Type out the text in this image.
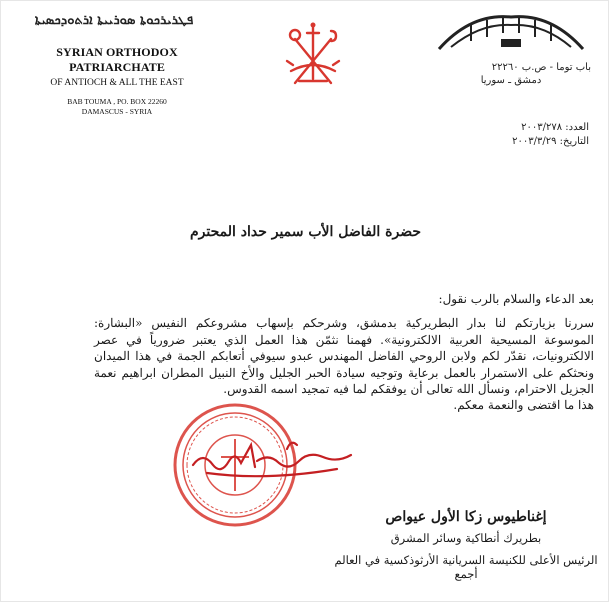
ܦܛܪܝܪܟܘܬܐ ܣܘܪܝܝܬܐ ܐܪܬܘܕܟܣܝܬܐ
SYRIAN ORTHODOX PATRIARCHATE
OF ANTIOCH & ALL THE EAST
BAB TOUMA , PO. BOX 22260
DAMASCUS - SYRIA
باب توما - ص.ب ٢٢٢٦٠
دمشق ـ سوريا
العدد: ٢٠٠٣/٢٧٨
التاريخ: ٢٠٠٣/٣/٢٩
حضرة الفاضل الأب سمير حداد المحترم

بعد الدعاء والسلام بالرب نقول:

سررنا بزيارتكم لنا بدار البطريركية بدمشق، وشرحكم بإسهاب مشروعكم النفيس «البشارة: الموسوعة المسيحية العربية الالكترونية». فهمنا نثمّن هذا العمل الذي يعتبر ضرورياً في عصر الالكترونيات، نقدّر لكم ولابن الروحي الفاضل المهندس عبدو سيوفي أتعابكم الجمة في هذا الميدان ونحثكم على الاستمرار بالعمل برعاية وتوجيه سيادة الحبر الجليل والأخ النبيل المطران ابراهيم نعمة الجزيل الاحترام، ونسأل الله تعالى أن يوفقكم لما فيه تمجيد اسمه القدوس.

هذا ما اقتضى والنعمة معكم.

إغناطيوس زكا الأول عيواص
بطريرك أنطاكية وسائر المشرق
الرئيس الأعلى للكنيسة السريانية الأرثوذكسية في العالم أجمع
